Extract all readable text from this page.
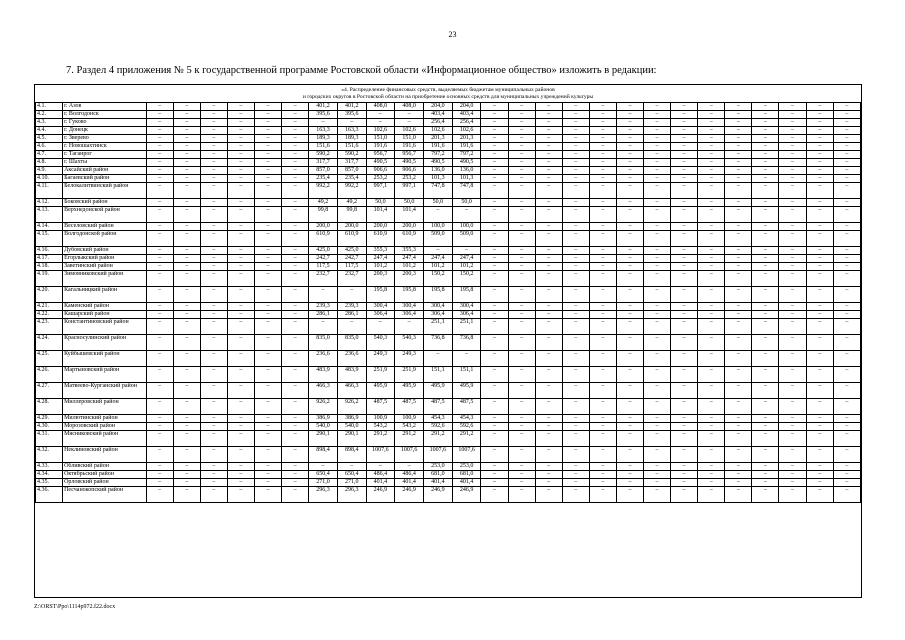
23
7. Раздел 4 приложения № 5 к государственной программе Ростовской области «Информационное общество» изложить в редакции:
«4. Распределение финансовых средств, выделяемых бюджетам муниципальных районов
и городских округов в Ростовской области на приобретение основных средств для муниципальных учреждений культуры
4.1.	г. Азов	–	–	–	–	–	–	401,2	401,2	408,0	408,0	204,0	204,0	–	–	–	–	–	–	–	–	–	–	–	–	–	–
4.2.	г. Волгодонск	–	–	–	–	–	–	395,6	395,6	–	–	403,4	403,4	–	–	–	–	–	–	–	–	–	–	–	–	–	–
4.3.	г. Гуково	–	–	–	–	–	–	–	–	–	–	256,4	256,4	–	–	–	–	–	–	–	–	–	–	–	–	–	–
4.4.	г. Донецк	–	–	–	–	–	–	163,3	163,3	102,6	102,6	102,6	102,6	–	–	–	–	–	–	–	–	–	–	–	–	–	–
4.5.	г. Зверево	–	–	–	–	–	–	189,3	189,3	151,0	151,0	201,3	201,3	–	–	–	–	–	–	–	–	–	–	–	–	–	–
4.6.	г. Новошахтинск	–	–	–	–	–	–	151,6	151,6	191,6	191,6	191,6	191,6	–	–	–	–	–	–	–	–	–	–	–	–	–	–
4.7.	г. Таганрог	–	–	–	–	–	–	590,2	590,2	956,7	956,7	797,2	797,2	–	–	–	–	–	–	–	–	–	–	–	–	–	–
4.8.	г. Шахты	–	–	–	–	–	–	317,7	317,7	490,5	490,5	490,5	490,5	–	–	–	–	–	–	–	–	–	–	–	–	–	–
4.9.	Аксайский район	–	–	–	–	–	–	857,0	857,0	906,6	906,6	136,0	136,0	–	–	–	–	–	–	–	–	–	–	–	–	–	–
4.10.	Багаевский район	–	–	–	–	–	–	235,4	235,4	253,2	253,2	101,3	101,3	–	–	–	–	–	–	–	–	–	–	–	–	–	–
4.11.	Белокалитвинский район	–	–	–	–	–	–	992,2	992,2	997,1	997,1	747,8	747,8	–	–	–	–	–	–	–	–	–	–	–	–	–	–
4.12.	Боковский район	–	–	–	–	–	–	49,2	49,2	50,0	50,0	50,0	50,0	–	–	–	–	–	–	–	–	–	–	–	–	–	–
4.13.	Верхнедонской район	–	–	–	–	–	–	99,8	99,8	101,4	101,4	–	–	–	–	–	–	–	–	–	–	–	–	–	–	–	–
4.14.	Веселовский район	–	–	–	–	–	–	200,0	200,0	200,0	200,0	100,0	100,0	–	–	–	–	–	–	–	–	–	–	–	–	–	–
4.15.	Волгодонской район	–	–	–	–	–	–	610,9	610,9	610,9	610,9	509,0	509,0	–	–	–	–	–	–	–	–	–	–	–	–	–	–
4.16.	Дубовский район	–	–	–	–	–	–	425,0	425,0	355,3	355,3	–	–	–	–	–	–	–	–	–	–	–	–	–	–	–	–
4.17.	Егорлыкский район	–	–	–	–	–	–	242,7	242,7	247,4	247,4	247,4	247,4	–	–	–	–	–	–	–	–	–	–	–	–	–	–
4.18.	Заветинский район	–	–	–	–	–	–	117,5	117,5	101,2	101,2	101,2	101,2	–	–	–	–	–	–	–	–	–	–	–	–	–	–
4.19.	Зимовниковский район	–	–	–	–	–	–	232,7	232,7	200,3	200,3	150,2	150,2	–	–	–	–	–	–	–	–	–	–	–	–	–	–
4.20.	Кагальницкий район	–	–	–	–	–	–	–	–	195,8	195,8	195,8	195,8	–	–	–	–	–	–	–	–	–	–	–	–	–	–
4.21.	Каменский район	–	–	–	–	–	–	239,3	239,3	300,4	300,4	300,4	300,4	–	–	–	–	–	–	–	–	–	–	–	–	–	–
4.22.	Кашарский район	–	–	–	–	–	–	286,1	286,1	306,4	306,4	306,4	306,4	–	–	–	–	–	–	–	–	–	–	–	–	–	–
4.23.	Константиновский район	–	–	–	–	–	–	–	–	–	–	251,1	251,1	–	–	–	–	–	–	–	–	–	–	–	–	–	–
4.24.	Красносулинский район	–	–	–	–	–	–	835,0	835,0	540,3	540,3	736,8	736,8	–	–	–	–	–	–	–	–	–	–	–	–	–	–
4.25.	Куйбышевский район	–	–	–	–	–	–	236,6	236,6	249,3	249,3	–	–	–	–	–	–	–	–	–	–	–	–	–	–	–	–
4.26.	Мартыновский район	–	–	–	–	–	–	483,9	483,9	251,9	251,9	151,1	151,1	–	–	–	–	–	–	–	–	–	–	–	–	–	–
4.27.	Матвеево-Курганский район	–	–	–	–	–	–	466,3	466,3	495,9	495,9	495,9	495,9	–	–	–	–	–	–	–	–	–	–	–	–	–	–
4.28.	Миллеровский район	–	–	–	–	–	–	926,2	926,2	487,5	487,5	487,5	487,5	–	–	–	–	–	–	–	–	–	–	–	–	–	–
4.29.	Милютинский район	–	–	–	–	–	–	386,9	386,9	100,9	100,9	454,3	454,3	–	–	–	–	–	–	–	–	–	–	–	–	–	–
4.30.	Морозовский район	–	–	–	–	–	–	540,0	540,0	543,2	543,2	592,6	592,6	–	–	–	–	–	–	–	–	–	–	–	–	–	–
4.31.	Мясниковский район	–	–	–	–	–	–	290,1	290,1	291,2	291,2	291,2	291,2	–	–	–	–	–	–	–	–	–	–	–	–	–	–
4.32.	Неклиновский район	–	–	–	–	–	–	898,4	898,4	1007,6	1007,6	1007,6	1007,6	–	–	–	–	–	–	–	–	–	–	–	–	–	–
4.33.	Обливский район	–	–	–	–	–	–	–	–	–	–	253,0	253,0	–	–	–	–	–	–	–	–	–	–	–	–	–	–
4.34.	Октябрьский район	–	–	–	–	–	–	650,4	650,4	486,4	486,4	681,0	681,0	–	–	–	–	–	–	–	–	–	–	–	–	–	–
4.35.	Орловский район	–	–	–	–	–	–	271,0	271,0	401,4	401,4	401,4	401,4	–	–	–	–	–	–	–	–	–	–	–	–	–	–
4.36.	Песчанокопский район	–	–	–	–	–	–	296,3	296,3	246,9	246,9	246,9	246,9	–	–	–	–	–	–	–	–	–	–	–	–	–	–
Z:\ORST\Ppo\1114p972.f22.docx
